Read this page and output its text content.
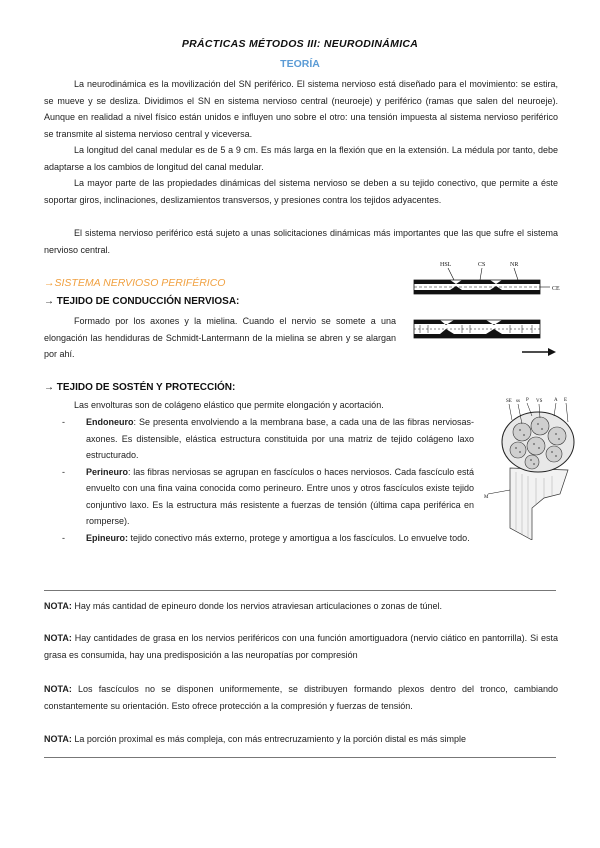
PRÁCTICAS MÉTODOS III: NEURODINÁMICA
TEORÍA

La neurodinámica es la movilización del SN periférico. El sistema nervioso está diseñado para el movimiento: se estira, se mueve y se desliza. Dividimos el SN en sistema nervioso central (neuroeje) y periférico (ramas que salen del neuroeje). Aunque en realidad a nivel físico están unidos e influyen uno sobre el otro: una tensión impuesta al sistema nervioso periférico se transmite al sistema nervioso central y viceversa.

La longitud del canal medular es de 5 a 9 cm. Es más larga en la flexión que en la extensión. La médula por tanto, debe adaptarse a los cambios de longitud del canal medular.

La mayor parte de las propiedades dinámicas del sistema nervioso se deben a su tejido conectivo, que permite a éste soportar giros, inclinaciones, deslizamientos transversos, y presiones contra los tejidos adyacentes.

El sistema nervioso periférico está sujeto a unas solicitaciones dinámicas más importantes que las que sufre el sistema nervioso central.

→SISTEMA NERVIOSO PERIFÉRICO
→ TEJIDO DE CONDUCCIÓN NERVIOSA:

Formado por los axones y la mielina. Cuando el nervio se somete a una elongación las hendiduras de Schmidt-Lantermann de la mielina se abren y se alargan por ahí.

HSL	CS	NR
CE
→ TEJIDO DE SOSTÉN Y PROTECCIÓN:

Las envolturas son de colágeno elástico que permite elongación y acortación.

- Endoneuro: Se presenta envolviendo a la membrana base, a cada una de las fibras nerviosas-axones. Es distensible, elástica estructura constituida por una matriz de tejido colágeno laxo estructurado.
- Perineuro: las fibras nerviosas se agrupan en fascículos o haces nerviosos. Cada fascículo está envuelto con una fina vaina conocida como perineuro. Entre unos y otros fascículos existe tejido conjuntivo laxo. Es la estructura más resistente a fuerzas de tensión (última capa periférica en romperse).
- Epineuro: tejido conectivo más externo, protege y amortigua a los fascículos. Lo envuelve todo.
SE ss P VS A E
M

NOTA: Hay más cantidad de epineuro donde los nervios atraviesan articulaciones o zonas de túnel.

NOTA: Hay cantidades de grasa en los nervios periféricos con una función amortiguadora (nervio ciático en pantorrilla). Si esta grasa es consumida, hay una predisposición a las neuropatías por compresión

NOTA: Los fascículos no se disponen uniformemente, se distribuyen formando plexos dentro del tronco, cambiando constantemente su orientación. Esto ofrece protección a la compresión y fuerzas de tensión.

NOTA: La porción proximal es más compleja, con más entrecruzamiento y la porción distal es más simple
